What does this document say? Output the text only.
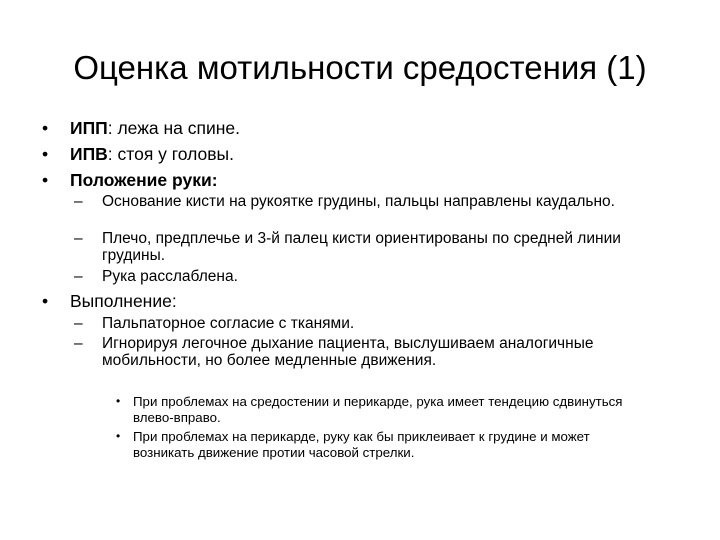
Оценка мотильности средостения (1)
• ИПП: лежа на спине.
• ИПВ: стоя у головы.
• Положение руки:
– Основание кисти на рукоятке грудины, пальцы направлены каудально.
– Плечо, предплечье и 3-й палец кисти ориентированы по средней линии грудины.
– Рука расслаблена.
• Выполнение:
– Пальпаторное согласие с тканями.
– Игнорируя легочное дыхание пациента, выслушиваем аналогичные мобильности, но более медленные движения.
• При проблемах на средостении и перикарде, рука имеет тендецию сдвинуться влево-вправо.
• При проблемах на перикарде, руку как бы приклеивает к грудине и может возникать движение протии часовой стрелки.
